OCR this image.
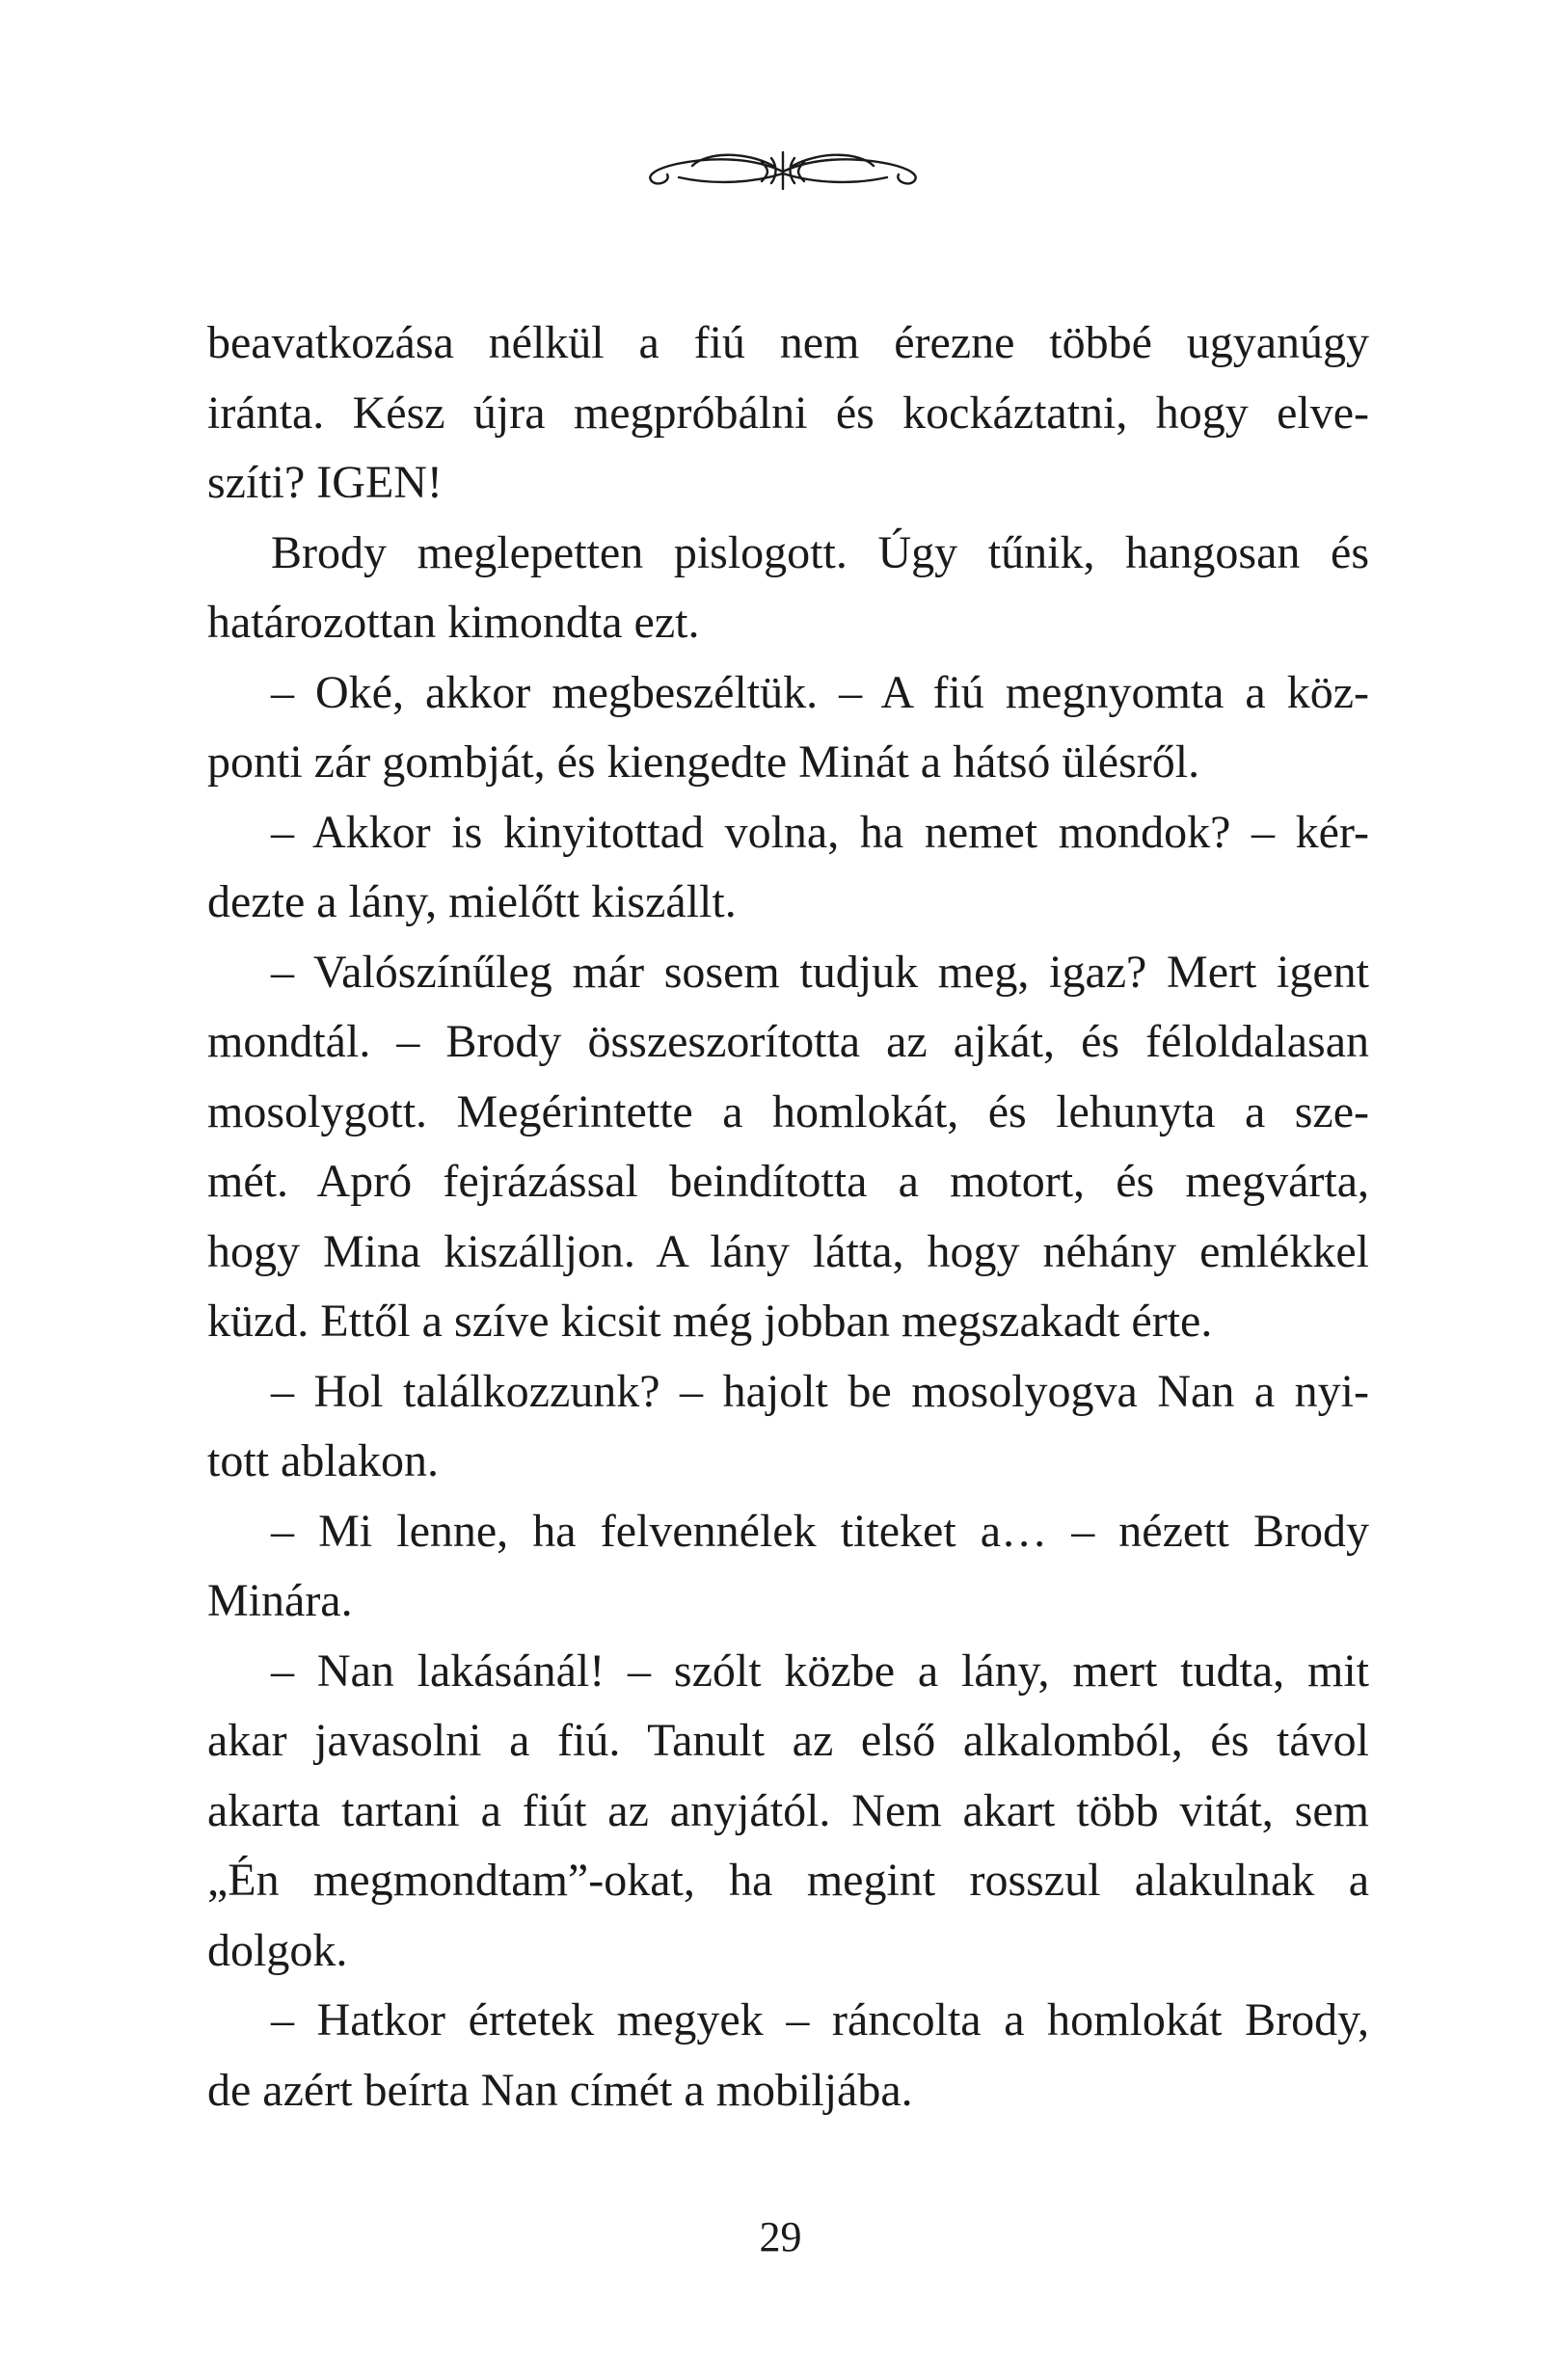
beavatkozása nélkül a fiú nem érezne többé ugyanúgy
iránta. Kész újra megpróbálni és kockáztatni, hogy elve-
szíti? IGEN!
Brody meglepetten pislogott. Úgy tűnik, hangosan és
határozottan kimondta ezt.
– Oké, akkor megbeszéltük. – A fiú megnyomta a köz-
ponti zár gombját, és kiengedte Minát a hátsó ülésről.
– Akkor is kinyitottad volna, ha nemet mondok? – kér-
dezte a lány, mielőtt kiszállt.
– Valószínűleg már sosem tudjuk meg, igaz? Mert igent
mondtál. – Brody összeszorította az ajkát, és féloldalasan
mosolygott. Megérintette a homlokát, és lehunyta a sze-
mét. Apró fejrázással beindította a motort, és megvárta,
hogy Mina kiszálljon. A lány látta, hogy néhány emlékkel
küzd. Ettől a szíve kicsit még jobban megszakadt érte.
– Hol találkozzunk? – hajolt be mosolyogva Nan a nyi-
tott ablakon.
– Mi lenne, ha felvennélek titeket a… – nézett Brody
Minára.
– Nan lakásánál! – szólt közbe a lány, mert tudta, mit
akar javasolni a fiú. Tanult az első alkalomból, és távol
akarta tartani a fiút az anyjától. Nem akart több vitát, sem
„Én megmondtam”-okat, ha megint rosszul alakulnak a
dolgok.
– Hatkor értetek megyek – ráncolta a homlokát Brody,
de azért beírta Nan címét a mobiljába.
29
